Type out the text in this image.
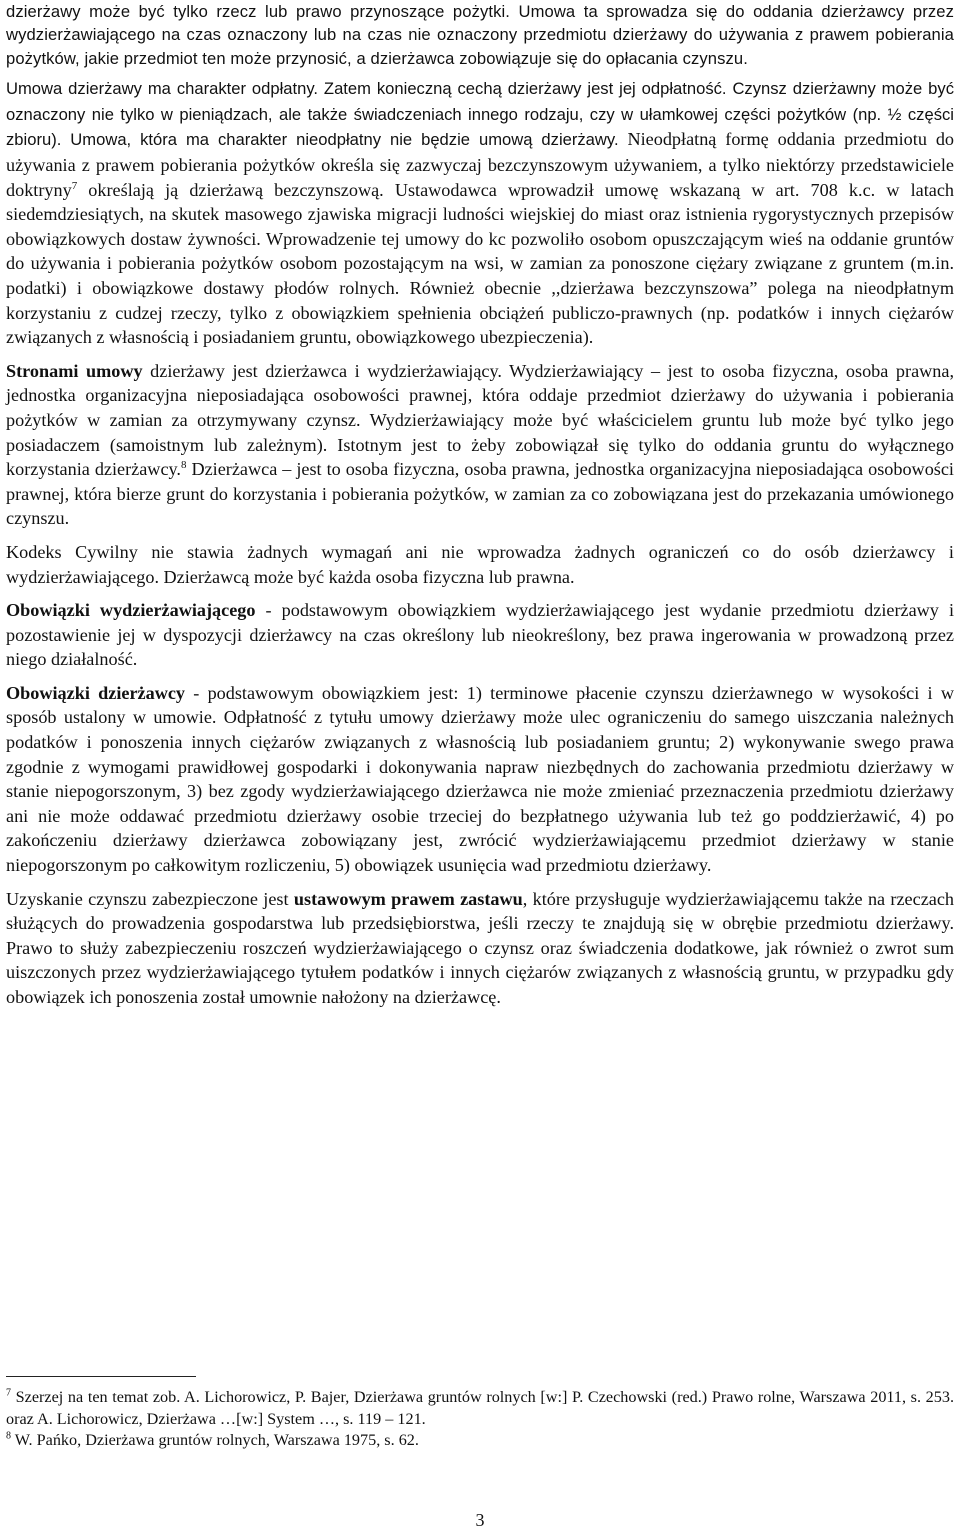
dzierżawy może być tylko rzecz lub prawo przynoszące pożytki. Umowa ta sprowadza się do oddania dzierżawcy przez wydzierżawiającego na czas oznaczony lub na czas nie oznaczony przedmiotu dzierżawy do używania z prawem pobierania pożytków, jakie przedmiot ten może przynosić, a dzierżawca zobowiązuje się do opłacania czynszu.

Umowa dzierżawy ma charakter odpłatny. Zatem konieczną cechą dzierżawy jest jej odpłatność. Czynsz dzierżawny może być oznaczony nie tylko w pieniądzach, ale także świadczeniach innego rodzaju, czy w ułamkowej części pożytków (np. ½ części zbioru). Umowa, która ma charakter nieodpłatny nie będzie umową dzierżawy. Nieodpłatną formę oddania przedmiotu do używania z prawem pobierania pożytków określa się zazwyczaj bezczynszowym używaniem, a tylko niektórzy przedstawiciele doktryny$^7$ określają ją dzierżawą bezczynszową. Ustawodawca wprowadził umowę wskazaną w art. 708 k.c. w latach siedemdziesiątych, na skutek masowego zjawiska migracji ludności wiejskiej do miast oraz istnienia rygorystycznych przepisów obowiązkowych dostaw żywności. Wprowadzenie tej umowy do kc pozwoliło osobom opuszczającym wieś na oddanie gruntów do używania i pobierania pożytków osobom pozostającym na wsi, w zamian za ponoszone ciężary związane z gruntem (m.in. podatki) i obowiązkowe dostawy płodów rolnych. Również obecnie ,,dzierżawa bezczynszowa” polega na nieodpłatnym korzystaniu z cudzej rzeczy, tylko z obowiązkiem spełnienia obciążeń publiczo-prawnych (np. podatków i innych ciężarów związanych z własnością i posiadaniem gruntu, obowiązkowego ubezpieczenia).

Stronami umowy dzierżawy jest dzierżawca i wydzierżawiający. Wydzierżawiający – jest to osoba fizyczna, osoba prawna, jednostka organizacyjna nieposiadająca osobowości prawnej, która oddaje przedmiot dzierżawy do używania i pobierania pożytków w zamian za otrzymywany czynsz. Wydzierżawiający może być właścicielem gruntu lub może być tylko jego posiadaczem (samoistnym lub zależnym). Istotnym jest to żeby zobowiązał się tylko do oddania gruntu do wyłącznego korzystania dzierżawcy.$^8$ Dzierżawca – jest to osoba fizyczna, osoba prawna, jednostka organizacyjna nieposiadająca osobowości prawnej, która bierze grunt do korzystania i pobierania pożytków, w zamian za co zobowiązana jest do przekazania umówionego czynszu.

Kodeks Cywilny nie stawia żadnych wymagań ani nie wprowadza żadnych ograniczeń co do osób dzierżawcy i wydzierżawiającego. Dzierżawcą może być każda osoba fizyczna lub prawna.

Obowiązki wydzierżawiającego - podstawowym obowiązkiem wydzierżawiającego jest wydanie przedmiotu dzierżawy i pozostawienie jej w dyspozycji dzierżawcy na czas określony lub nieokreślony, bez prawa ingerowania w prowadzoną przez niego działalność.

Obowiązki dzierżawcy - podstawowym obowiązkiem jest: 1) terminowe płacenie czynszu dzierżawnego w wysokości i w sposób ustalony w umowie. Odpłatność z tytułu umowy dzierżawy może ulec ograniczeniu do samego uiszczania należnych podatków i ponoszenia innych ciężarów związanych z własnością lub posiadaniem gruntu; 2) wykonywanie swego prawa zgodnie z wymogami prawidłowej gospodarki i dokonywania napraw niezbędnych do zachowania przedmiotu dzierżawy w stanie niepogorszonym, 3) bez zgody wydzierżawiającego dzierżawca nie może zmieniać przeznaczenia przedmiotu dzierżawy ani nie może oddawać przedmiotu dzierżawy osobie trzeciej do bezpłatnego używania lub też go poddzierżawić, 4) po zakończeniu dzierżawy dzierżawca zobowiązany jest, zwrócić wydzierżawiającemu przedmiot dzierżawy w stanie niepogorszonym po całkowitym rozliczeniu, 5) obowiązek usunięcia wad przedmiotu dzierżawy.

Uzyskanie czynszu zabezpieczone jest ustawowym prawem zastawu, które przysługuje wydzierżawiającemu także na rzeczach służących do prowadzenia gospodarstwa lub przedsiębiorstwa, jeśli rzeczy te znajdują się w obrębie przedmiotu dzierżawy. Prawo to służy zabezpieczeniu roszczeń wydzierżawiającego o czynsz oraz świadczenia dodatkowe, jak również o zwrot sum uiszczonych przez wydzierżawiającego tytułem podatków i innych ciężarów związanych z własnością gruntu, w przypadku gdy obowiązek ich ponoszenia został umownie nałożony na dzierżawcę.

$^7$ Szerzej na ten temat zob. A. Lichorowicz, P. Bajer, Dzierżawa gruntów rolnych [w:] P. Czechowski (red.) Prawo rolne, Warszawa 2011, s. 253. oraz A. Lichorowicz, Dzierżawa …[w:] System …, s. 119 – 121.

$^8$ W. Pańko, Dzierżawa gruntów rolnych, Warszawa 1975, s. 62.

3
